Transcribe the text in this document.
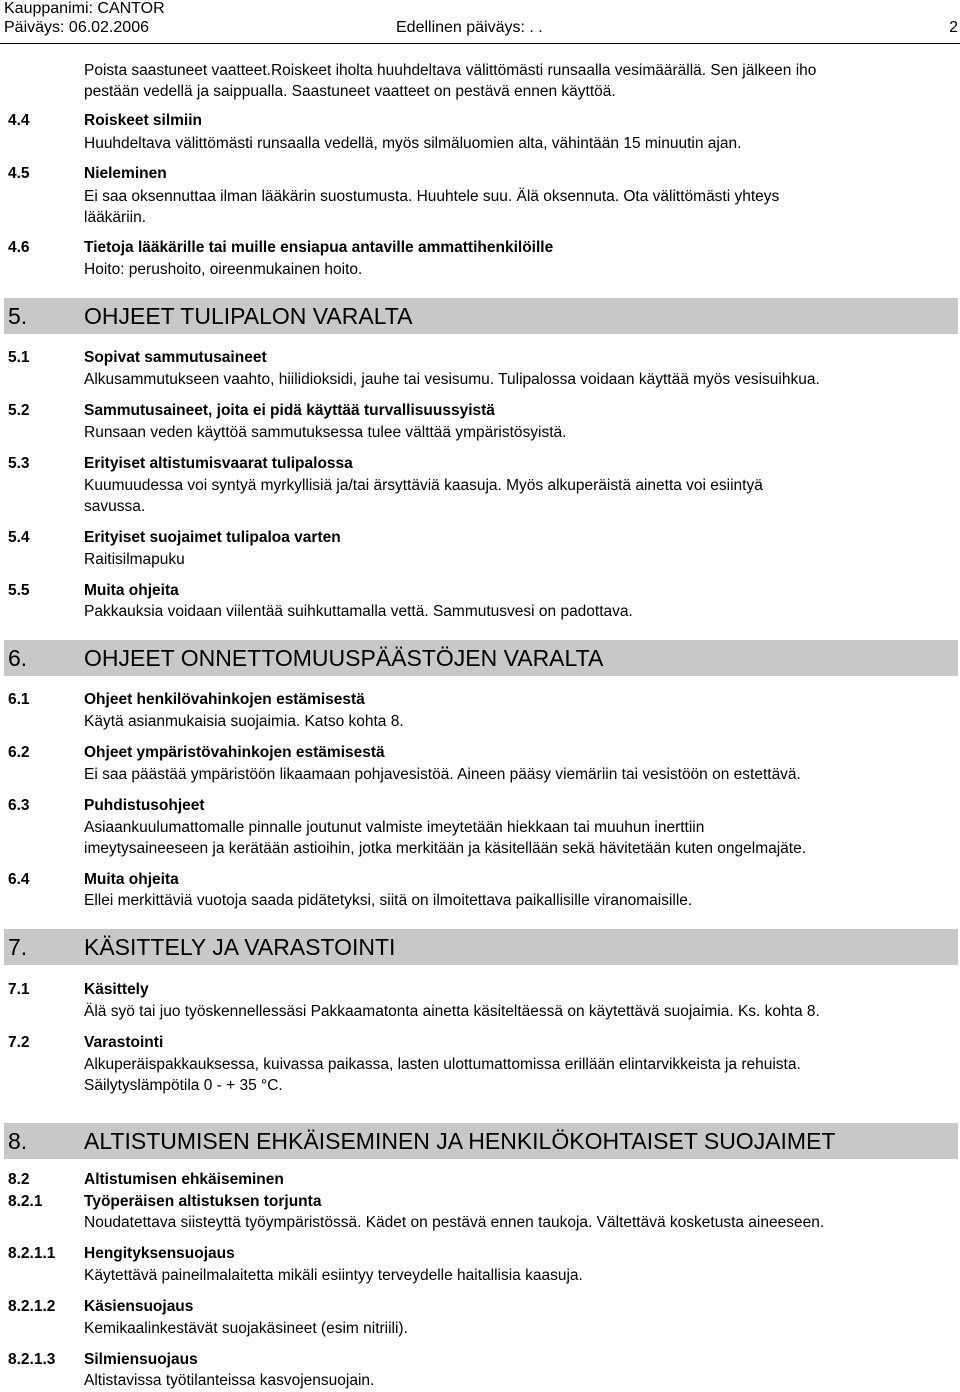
Kauppanimi: CANTOR
Päiväys: 06.02.2006	Edellinen päiväys: . .	2
Poista saastuneet vaatteet.Roiskeet iholta huuhdeltava välittömästi runsaalla vesimäärällä. Sen jälkeen iho
pestään vedellä ja saippualla. Saastuneet vaatteet on pestävä ennen käyttöä.
4.4	Roiskeet silmiin
Huuhdeltava välittömästi runsaalla vedellä, myös silmäluomien alta, vähintään 15 minuutin ajan.
4.5	Nieleminen
Ei saa oksennuttaa ilman lääkärin suostumusta. Huuhtele suu. Älä oksennuta. Ota välittömästi yhteys
lääkäriin.
4.6	Tietoja lääkärille tai muille ensiapua antaville ammattihenkilöille
Hoito: perushoito, oireenmukainen hoito.
5. OHJEET TULIPALON VARALTA
5.1	Sopivat sammutusaineet
Alkusammutukseen vaahto, hiilidioksidi, jauhe tai vesisumu. Tulipalossa voidaan käyttää myös vesisuihkua.
5.2	Sammutusaineet, joita ei pidä käyttää turvallisuussyistä
Runsaan veden käyttöä sammutuksessa tulee välttää ympäristösyistä.
5.3	Erityiset altistumisvaarat tulipalossa
Kuumuudessa voi syntyä myrkyllisiä ja/tai ärsyttäviä kaasuja. Myös alkuperäistä ainetta voi esiintyä
savussa.
5.4	Erityiset suojaimet tulipaloa varten
Raitisilmapuku
5.5	Muita ohjeita
Pakkauksia voidaan viilentää suihkuttamalla vettä. Sammutusvesi on padottava.
6. OHJEET ONNETTOMUUSPÄÄSTÖJEN VARALTA
6.1	Ohjeet henkilövahinkojen estämisestä
Käytä asianmukaisia suojaimia. Katso kohta 8.
6.2	Ohjeet ympäristövahinkojen estämisestä
Ei saa päästää ympäristöön likaamaan pohjavesistöä. Aineen pääsy viemäriin tai vesistöön on estettävä.
6.3	Puhdistusohjeet
Asiaankuulumattomalle pinnalle joutunut valmiste imeytetään hiekkaan tai muuhun inerttiin
imeytysaineeseen ja kerätään astioihin, jotka merkitään ja käsitellään sekä hävitetään kuten ongelmajäte.
6.4	Muita ohjeita
Ellei merkittäviä vuotoja saada pidätetyksi, siitä on ilmoitettava paikallisille viranomaisille.
7. KÄSITTELY JA VARASTOINTI
7.1	Käsittely
Älä syö tai juo työskennellessäsi Pakkaamatonta ainetta käsiteltäessä on käytettävä suojaimia. Ks. kohta 8.
7.2	Varastointi
Alkuperäispakkauksessa, kuivassa paikassa, lasten ulottumattomissa erillään elintarvikkeista ja rehuista.
Säilytyslämpötila 0 - + 35 °C.
8. ALTISTUMISEN EHKÄISEMINEN JA HENKILÖKOHTAISET SUOJAIMET
8.2	Altistumisen ehkäiseminen
8.2.1	Työperäisen altistuksen torjunta
Noudatettava siisteyttä työympäristössä. Kädet on pestävä ennen taukoja. Vältettävä kosketusta aineeseen.
8.2.1.1 Hengityksensuojaus
Käytettävä paineilmalaitetta mikäli esiintyy terveydelle haitallisia kaasuja.
8.2.1.2 Käsiensuojaus
Kemikaalinkestävät suojakäsineet (esim nitriili).
8.2.1.3 Silmiensuojaus
Altistavissa työtilanteissa kasvojensuojain.
